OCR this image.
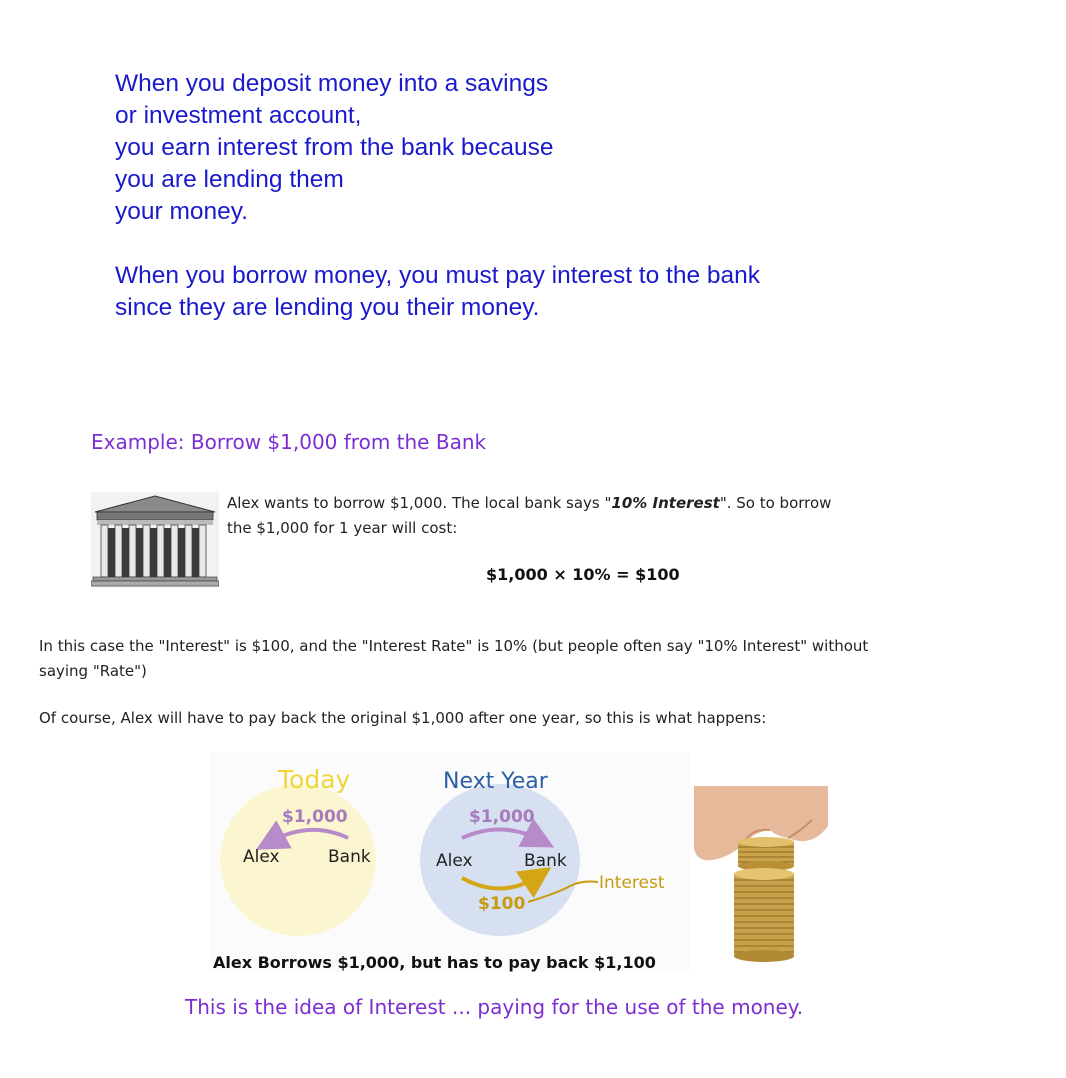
When you deposit money into a savings
or investment account,
you earn interest from the bank because
you are lending them
your money.
When you borrow money, you must pay interest to the bank
since they are lending you their money.
Example: Borrow $1,000 from the Bank
Alex wants to borrow $1,000. The local bank says "10% Interest". So to borrow
the $1,000 for 1 year will cost:
$1,000 × 10% = $100
In this case the "Interest" is $100, and the "Interest Rate" is 10% (but people often say "10% Interest" without
saying "Rate")
Of course, Alex will have to pay back the original $1,000 after one year, so this is what happens:
Today	Next Year
$1,000
Alex	Bank
$1,000
Alex	Bank
$100
Interest
Alex Borrows $1,000, but has to pay back $1,100
This is the idea of Interest ... paying for the use of the money.
